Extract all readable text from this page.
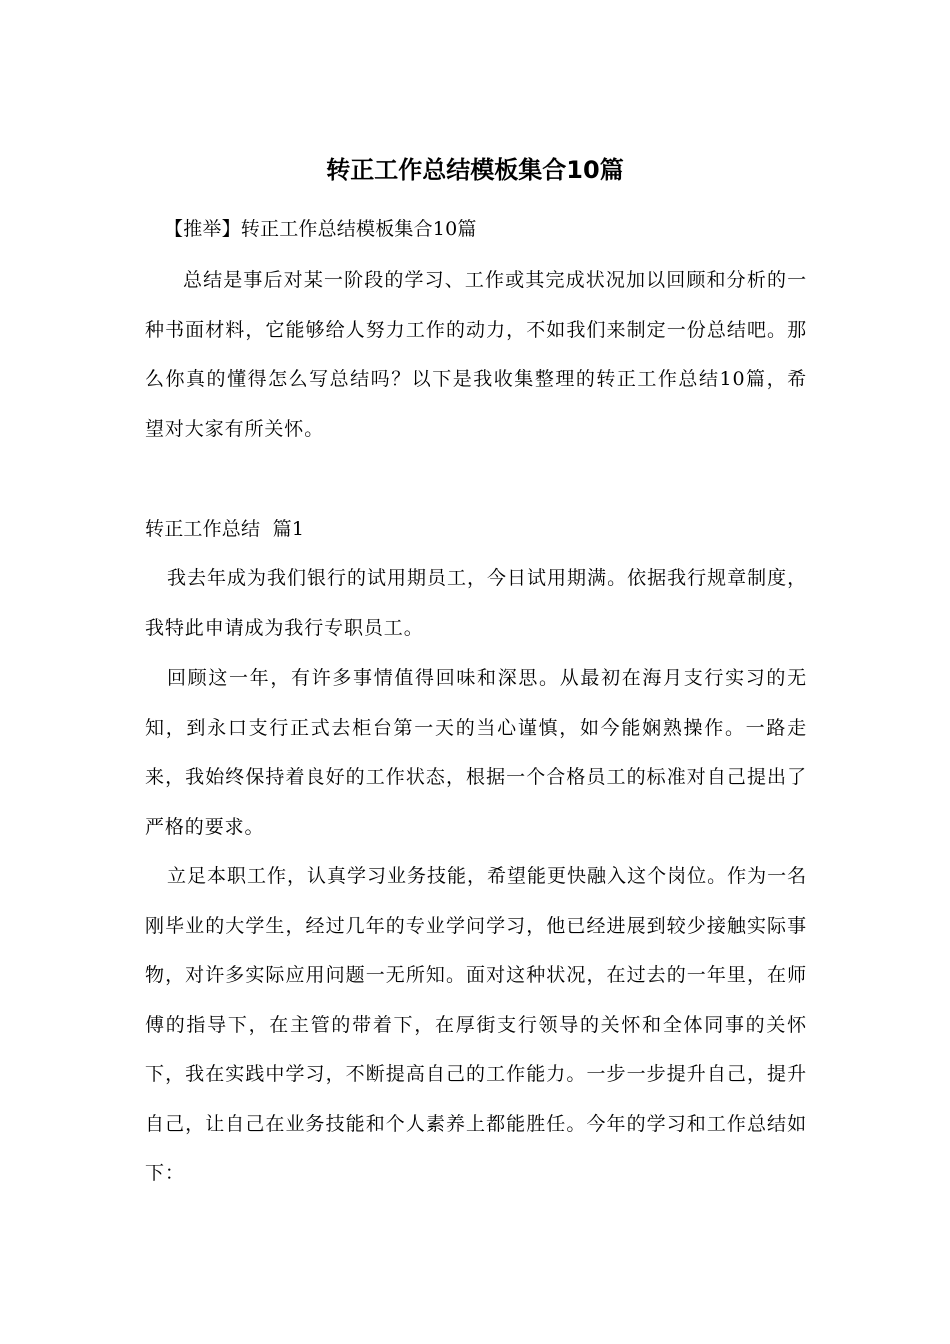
转正工作总结模板集合10篇

【推举】转正工作总结模板集合10篇

总结是事后对某一阶段的学习、工作或其完成状况加以回顾和分析的一种书面材料，它能够给人努力工作的动力，不如我们来制定一份总结吧。那么你真的懂得怎么写总结吗？以下是我收集整理的转正工作总结10篇，希望对大家有所关怀。

转正工作总结  篇1

我去年成为我们银行的试用期员工，今日试用期满。依据我行规章制度，我特此申请成为我行专职员工。

回顾这一年，有许多事情值得回味和深思。从最初在海月支行实习的无知，到永口支行正式去柜台第一天的当心谨慎，如今能娴熟操作。一路走来，我始终保持着良好的工作状态，根据一个合格员工的标准对自己提出了严格的要求。

立足本职工作，认真学习业务技能，希望能更快融入这个岗位。作为一名刚毕业的大学生，经过几年的专业学问学习，他已经进展到较少接触实际事物，对许多实际应用问题一无所知。面对这种状况，在过去的一年里，在师傅的指导下，在主管的带着下，在厚街支行领导的关怀和全体同事的关怀下，我在实践中学习，不断提高自己的工作能力。一步一步提升自己，提升自己，让自己在业务技能和个人素养上都能胜任。今年的学习和工作总结如下：
